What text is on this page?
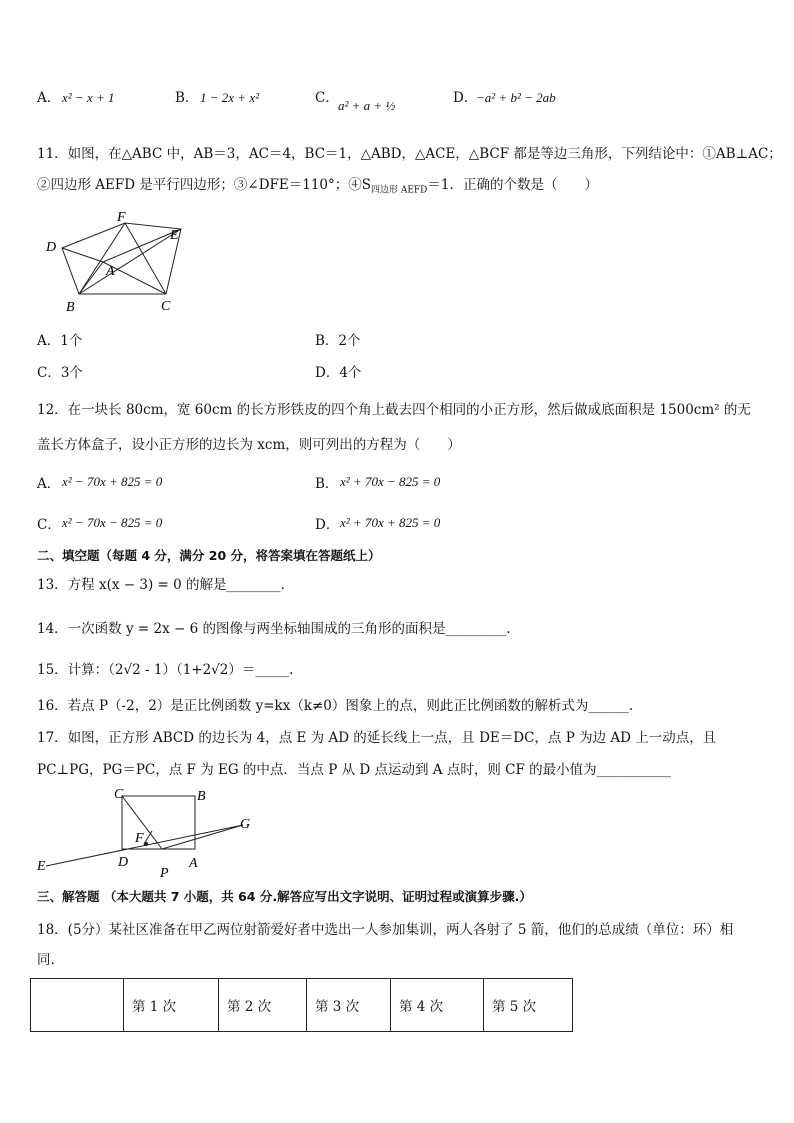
A． x² − x + 1	B． 1 − 2x + x²	C． a² + a + ½	D．
−a² + b² − 2ab
11．如图，在△ABC 中，AB＝3，AC＝4，BC＝1，△ABD，△ACE，△BCF 都是等边三角形，下列结论中：①AB⊥AC；
②四边形 AEFD 是平行四边形；③∠DFE＝110°；$④S_{四边形 AEFD}=1$．正确的个数是（　　）
D
F
E
A
B	C
A．1个	B．2个
C．3个	D．4个
12．在一块长 80cm，宽 60cm 的长方形铁皮的四个角上截去四个相同的小正方形，然后做成底面积是 1500cm² 的无
盖长方体盒子，设小正方形的边长为 xcm，则可列出的方程为（　　）
A． x² − 70x + 825 = 0	B． x² + 70x − 825 = 0
C． x² − 70x − 825 = 0	D． x² + 70x + 825 = 0
二、填空题（每题 4 分，满分 20 分，将答案填在答题纸上）
13．方程 x(x − 3) = 0 的解是________.
14．一次函数 y = 2x − 6 的图像与两坐标轴围成的三角形的面积是_________.
15．计算：（2√2 - 1）（1+2√2）＝_____.
16．若点 P（-2，2）是正比例函数 y=kx（k≠0）图象上的点，则此正比例函数的解析式为______.
17．如图，正方形 ABCD 的边长为 4，点 E 为 AD 的延长线上一点，且 DE＝DC，点 P 为边 AD 上一动点，且
PC⊥PG，PG＝PC，点 F 为 EG 的中点．当点 P 从 D 点运动到 A 点时，则 CF 的最小值为___________
C	B
G
F
E	D
P
A
三、解答题 （本大题共 7 小题，共 64 分.解答应写出文字说明、证明过程或演算步骤.）
18．(5分）某社区准备在甲乙两位射箭爱好者中选出一人参加集训，两人各射了 5 箭，他们的总成绩（单位：环）相
同.
	第 1 次	第 2 次	第 3 次	第 4 次	第 5 次
